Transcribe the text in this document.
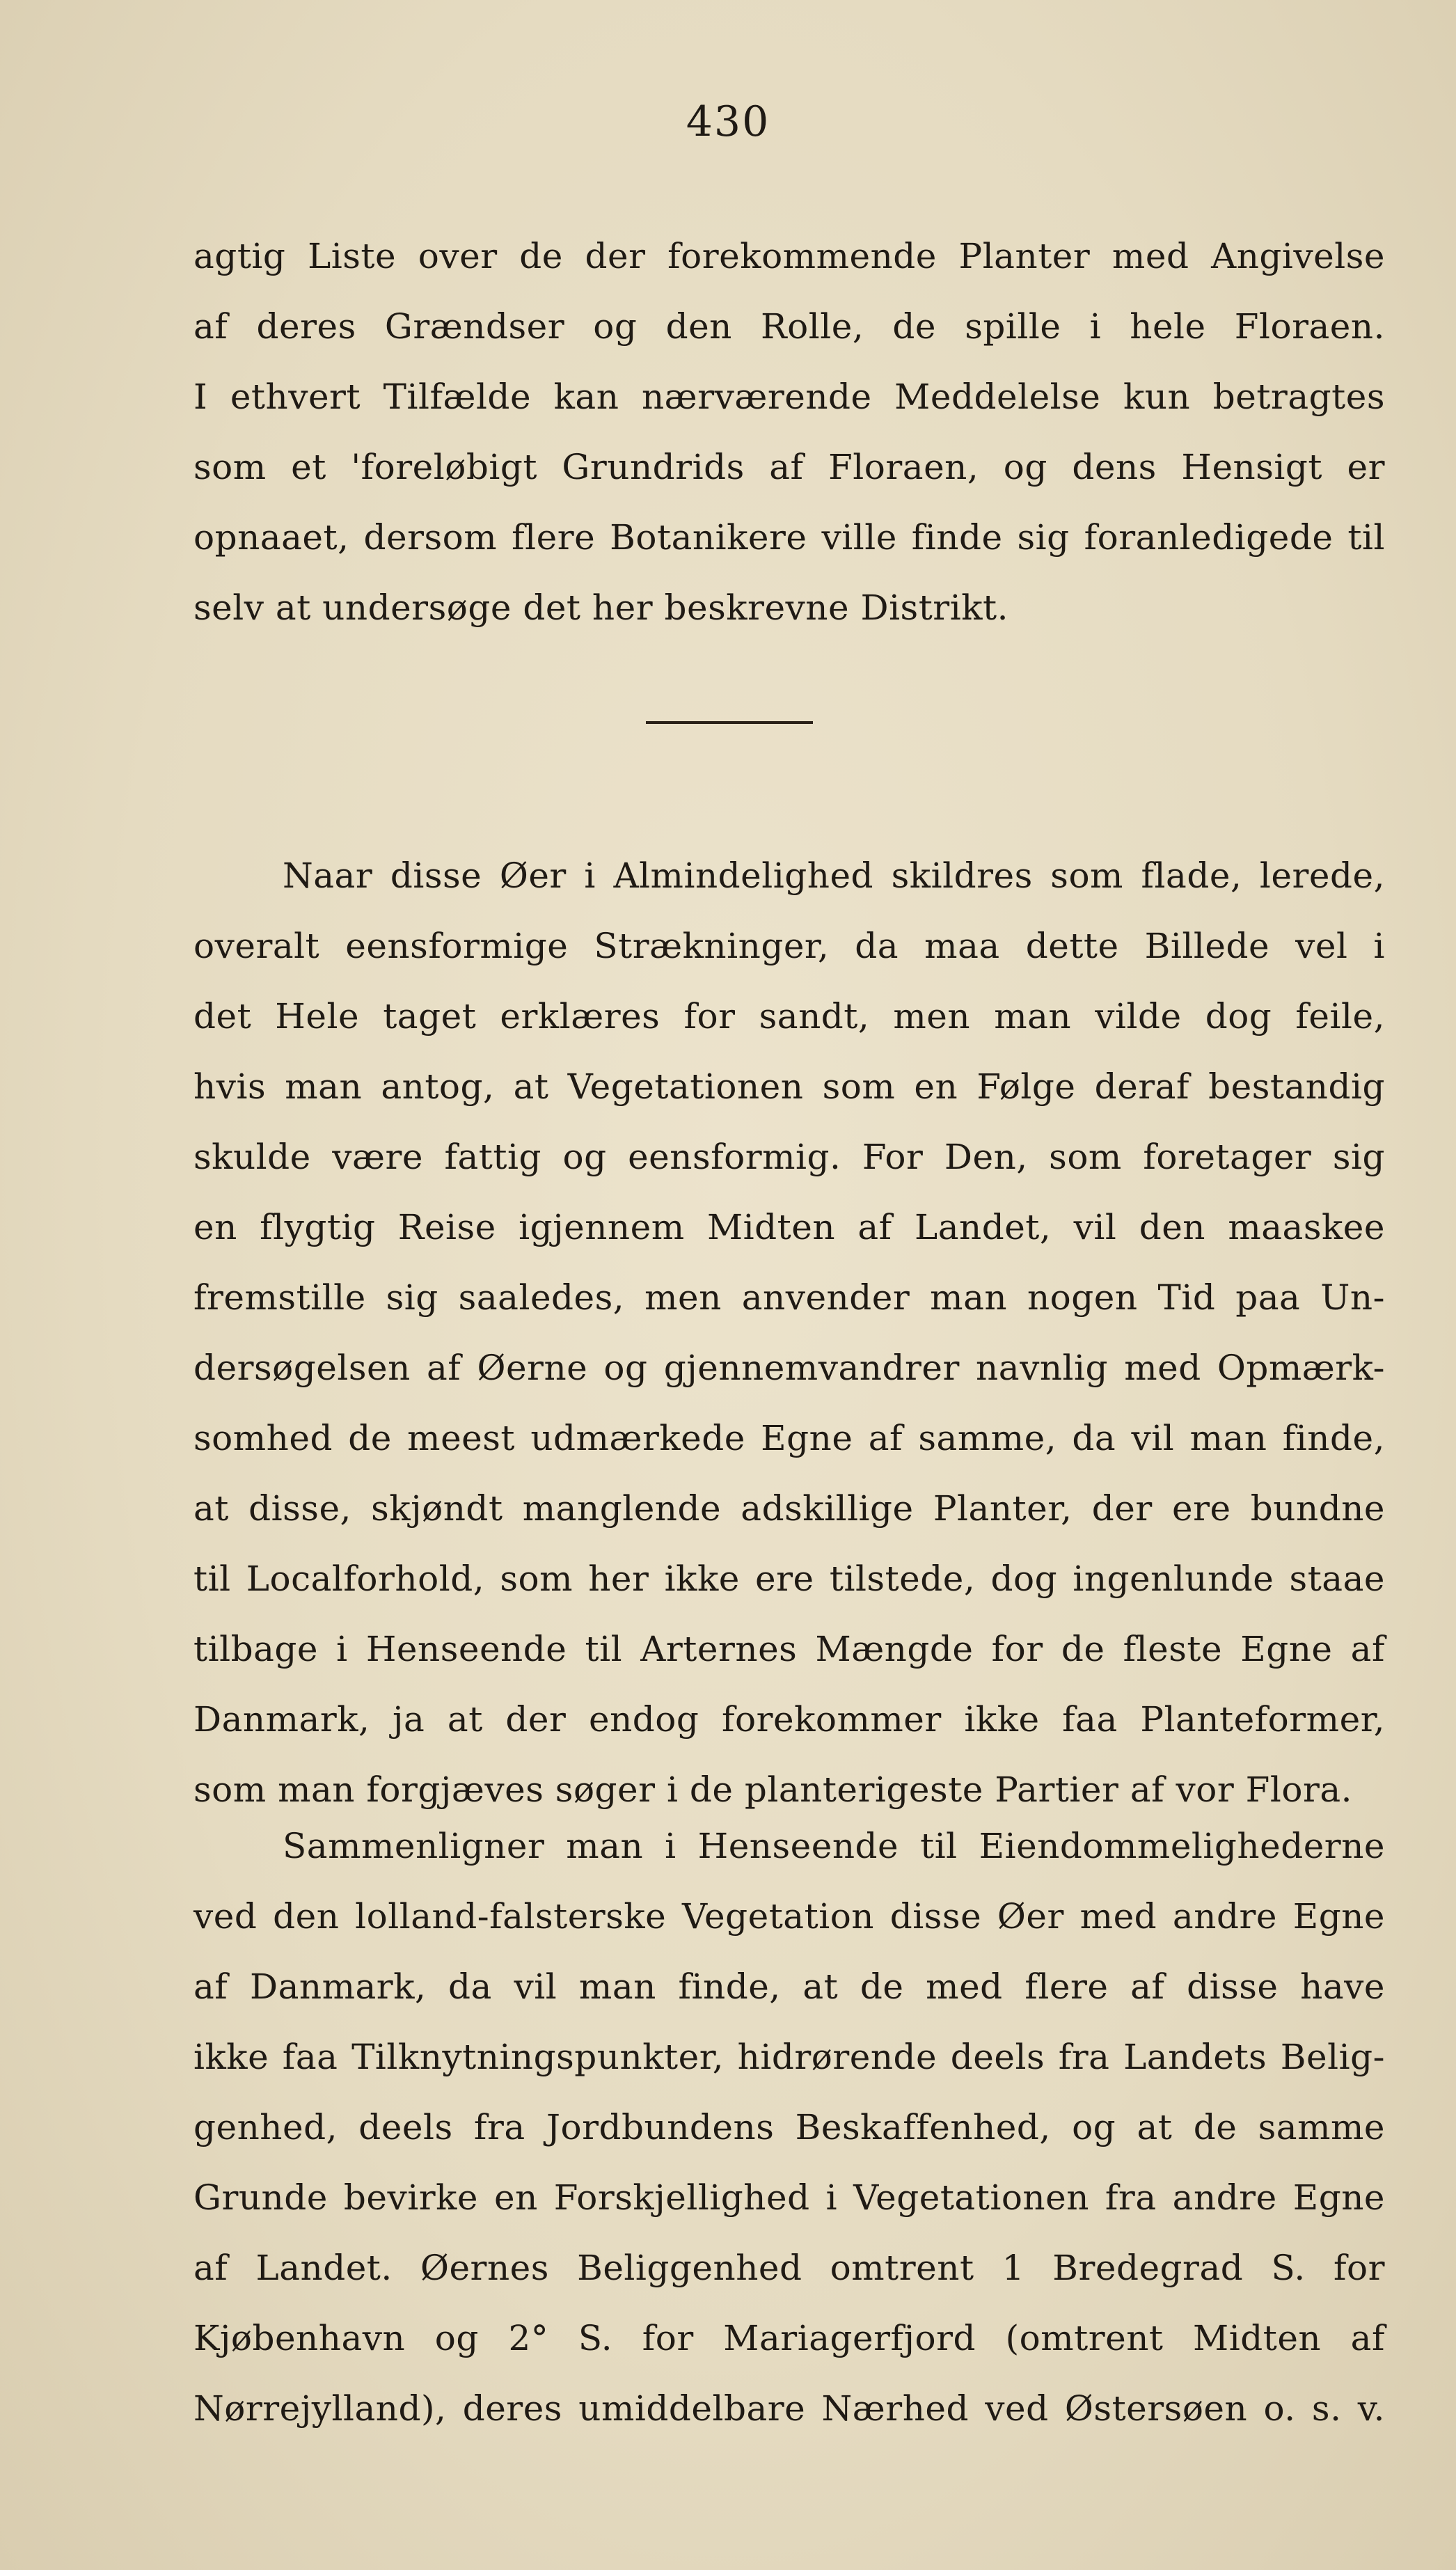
430
agtig Liste over de der forekommende Planter med Angivelse
af deres Grændser og den Rolle, de spille i hele Floraen.
I ethvert Tilfælde kan nærværende Meddelelse kun betragtes
som et 'foreløbigt Grundrids af Floraen, og dens Hensigt er
opnaaet, dersom flere Botanikere ville finde sig foranledigede til
selv at undersøge det her beskrevne Distrikt.
Naar disse Øer i Almindelighed skildres som flade, lerede,
overalt eensformige Strækninger, da maa dette Billede vel i
det Hele taget erklæres for sandt, men man vilde dog feile,
hvis man antog, at Vegetationen som en Følge deraf bestandig
skulde være fattig og eensformig. For Den, som foretager sig
en flygtig Reise igjennem Midten af Landet, vil den maaskee
fremstille sig saaledes, men anvender man nogen Tid paa Un-
dersøgelsen af Øerne og gjennemvandrer navnlig med Opmærk-
somhed de meest udmærkede Egne af samme, da vil man finde,
at disse, skjøndt manglende adskillige Planter, der ere bundne
til Localforhold, som her ikke ere tilstede, dog ingenlunde staae
tilbage i Henseende til Arternes Mængde for de fleste Egne af
Danmark, ja at der endog forekommer ikke faa Planteformer,
som man forgjæves søger i de planterigeste Partier af vor Flora.
Sammenligner man i Henseende til Eiendommelighederne
ved den lolland-falsterske Vegetation disse Øer med andre Egne
af Danmark, da vil man finde, at de med flere af disse have
ikke faa Tilknytningspunkter, hidrørende deels fra Landets Belig-
genhed, deels fra Jordbundens Beskaffenhed, og at de samme
Grunde bevirke en Forskjellighed i Vegetationen fra andre Egne
af Landet. Øernes Beliggenhed omtrent 1 Bredegrad S. for
Kjøbenhavn og 2° S. for Mariagerfjord (omtrent Midten af
Nørrejylland), deres umiddelbare Nærhed ved Østersøen o. s. v.
